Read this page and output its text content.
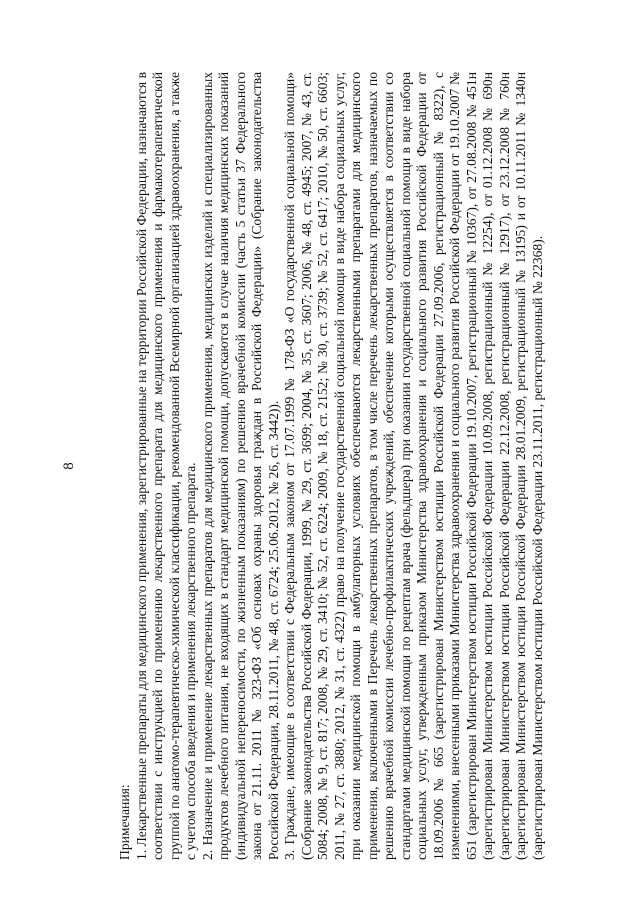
8

Примечания: 1. Лекарственные препараты для медицинского применения, зарегистрированные на территории Российской Федерации, назначаются в соответствии с инструкцией по применению лекарственного препарата для медицинского применения и фармакотерапевтической группой по анатомо-терапевтическо-химической классификации, рекомендованной Всемирной организацией здравоохранения, а также с учетом способа введения и применения лекарственного препарата. 2. Назначение и применение лекарственных препаратов для медицинского применения, медицинских изделий и специализированных продуктов лечебного питания, не входящих в стандарт медицинской помощи, допускаются в случае наличия медицинских показаний (индивидуальной непереносимости, по жизненным показаниям) по решению врачебной комиссии (часть 5 статьи 37 Федерального закона от 21.11. 2011 № 323-ФЗ «Об основах охраны здоровья граждан в Российской Федерации» (Собрание законодательства Российской Федерации, 28.11.2011, № 48, ст. 6724; 25.06.2012, № 26, ст. 3442)). 3. Граждане, имеющие в соответствии с Федеральным законом от 17.07.1999 № 178-ФЗ «О государственной социальной помощи» (Собрание законодательства Российской Федерации, 1999, № 29, ст. 3699; 2004, № 35, ст. 3607; 2006, № 48, ст. 4945; 2007, № 43, ст. 5084; 2008, № 9, ст. 817; 2008, № 29, ст. 3410; № 52, ст. 6224; 2009, № 18, ст. 2152; № 30, ст. 3739; № 52, ст. 6417; 2010, № 50, ст. 6603; 2011, № 27, ст. 3880; 2012, № 31, ст. 4322) право на получение государственной социальной помощи в виде набора социальных услуг, при оказании медицинской помощи в амбулаторных условиях обеспечиваются лекарственными препаратами для медицинского применения, включенными в Перечень лекарственных препаратов, в том числе перечень лекарственных препаратов, назначаемых по решению врачебной комиссии лечебно-профилактических учреждений, обеспечение которыми осуществляется в соответствии со стандартами медицинской помощи по рецептам врача (фельдшера) при оказании государственной социальной помощи в виде набора социальных услуг, утвержденным приказом Министерства здравоохранения и социального развития Российской Федерации от 18.09.2006 № 665 (зарегистрирован Министерством юстиции Российской Федерации 27.09.2006, регистрационный № 8322), с изменениями, внесенными приказами Министерства здравоохранения и социального развития Российской Федерации от 19.10.2007 № 651 (зарегистрирован Министерством юстиции Российской Федерации 19.10.2007, регистрационный № 10367), от 27.08.2008 № 451н (зарегистрирован Министерством юстиции Российской Федерации 10.09.2008, регистрационный № 12254), от 01.12.2008 № 690н (зарегистрирован Министерством юстиции Российской Федерации 22.12.2008, регистрационный № 12917), от 23.12.2008 № 760н (зарегистрирован Министерством юстиции Российской Федерации 28.01.2009, регистрационный № 13195) и от 10.11.2011 № 1340н (зарегистрирован Министерством юстиции Российской Федерации 23.11.2011, регистрационный № 22368).
